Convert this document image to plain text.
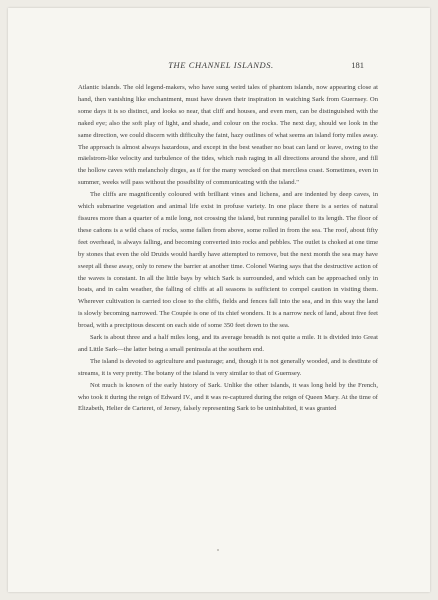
THE CHANNEL ISLANDS.	181

Atlantic islands. The old legend-makers, who have sung weird tales of phantom islands, now appearing close at hand, then vanishing like enchantment, must have drawn their inspiration in watching Sark from Guernsey. On some days it is so distinct, and looks so near, that cliff and houses, and even men, can be distinguished with the naked eye; also the soft play of light, and shade, and colour on the rocks. The next day, should we look in the same direction, we could discern with difficulty the faint, hazy outlines of what seems an island forty miles away. The approach is almost always hazardous, and except in the best weather no boat can land or leave, owing to the mäelstrom-like velocity and turbulence of the tides, which rush raging in all directions around the shore, and fill the hollow caves with melancholy dirges, as if for the many wrecked on that merciless coast. Sometimes, even in summer, weeks will pass without the possibility of communicating with the island."

The cliffs are magnificently coloured with brilliant vines and lichens, and are indented by deep caves, in which submarine vegetation and animal life exist in profuse variety. In one place there is a series of natural fissures more than a quarter of a mile long, not crossing the island, but running parallel to its length. The floor of these cañons is a wild chaos of rocks, some fallen from above, some rolled in from the sea. The roof, about fifty feet overhead, is always falling, and becoming converted into rocks and pebbles. The outlet is choked at one time by stones that even the old Druids would hardly have attempted to remove, but the next month the sea may have swept all these away, only to renew the barrier at another time. Colonel Waring says that the destructive action of the waves is constant. In all the little bays by which Sark is surrounded, and which can be approached only in boats, and in calm weather, the falling of cliffs at all seasons is sufficient to compel caution in visiting them. Wherever cultivation is carried too close to the cliffs, fields and fences fall into the sea, and in this way the land is slowly becoming narrowed. The Coupée is one of its chief wonders. It is a narrow neck of land, about five feet broad, with a precipitous descent on each side of some 350 feet down to the sea.

Sark is about three and a half miles long, and its average breadth is not quite a mile. It is divided into Great and Little Sark—the latter being a small peninsula at the southern end.

The island is devoted to agriculture and pasturage; and, though it is not generally wooded, and is destitute of streams, it is very pretty. The botany of the island is very similar to that of Guernsey.

Not much is known of the early history of Sark. Unlike the other islands, it was long held by the French, who took it during the reign of Edward IV., and it was re-captured during the reign of Queen Mary. At the time of Elizabeth, Helier de Carteret, of Jersey, falsely representing Sark to be uninhabited, it was granted
